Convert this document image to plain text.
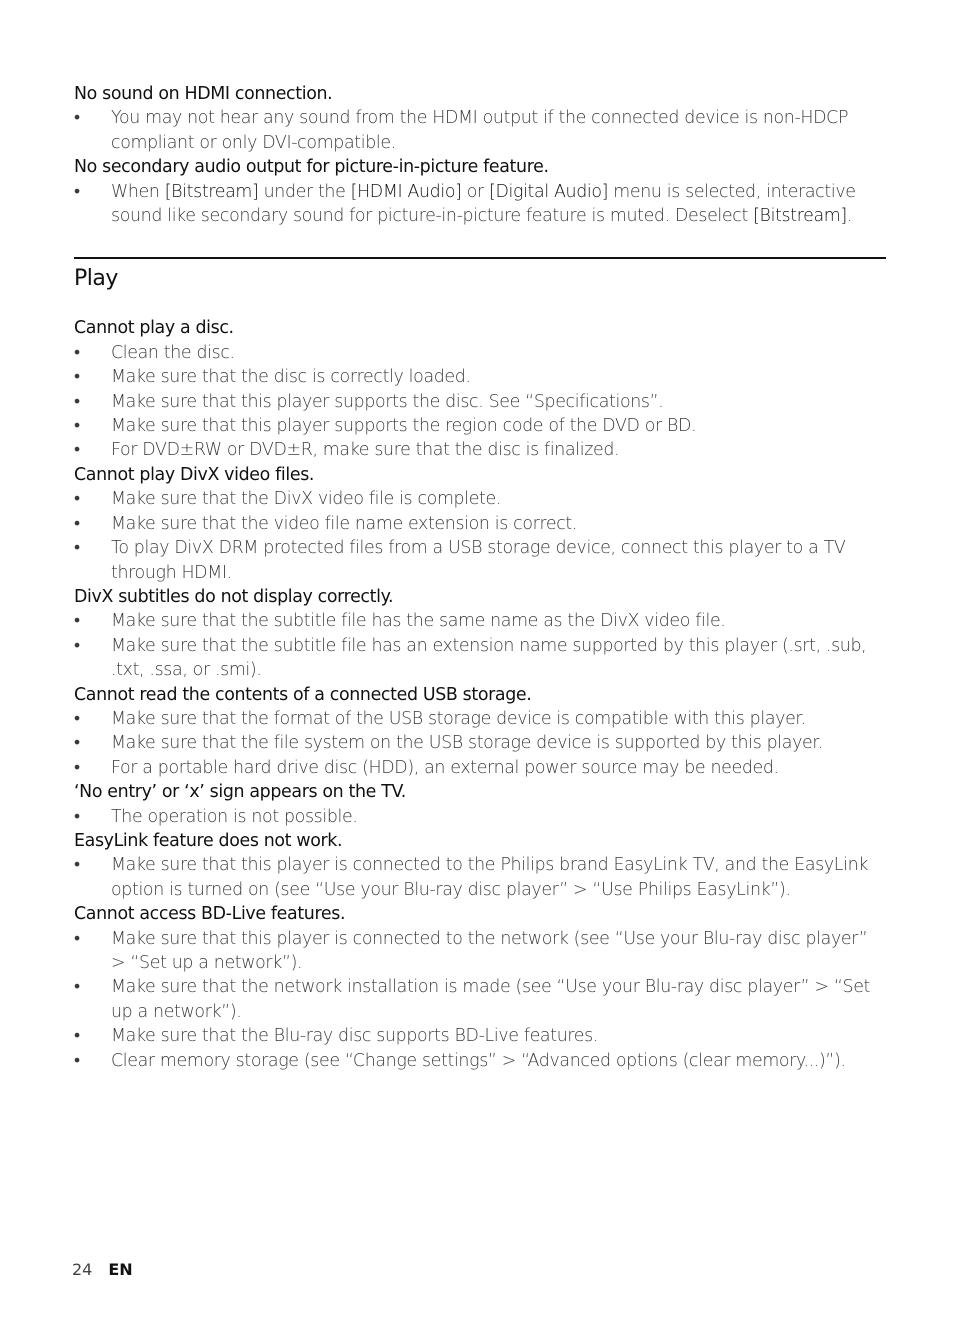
No sound on HDMI connection.

• You may not hear any sound from the HDMI output if the connected device is non-HDCP compliant or only DVI-compatible.

No secondary audio output for picture-in-picture feature.

• When [Bitstream] under the [HDMI Audio] or [Digital Audio] menu is selected, interactive sound like secondary sound for picture-in-picture feature is muted. Deselect [Bitstream].

Play

Cannot play a disc.

• Clean the disc.

• Make sure that the disc is correctly loaded.

• Make sure that this player supports the disc. See “Specifications”.

• Make sure that this player supports the region code of the DVD or BD.

• For DVD±RW or DVD±R, make sure that the disc is finalized.

Cannot play DivX video files.

• Make sure that the DivX video file is complete.

• Make sure that the video file name extension is correct.

• To play DivX DRM protected files from a USB storage device, connect this player to a TV through HDMI.

DivX subtitles do not display correctly.

• Make sure that the subtitle file has the same name as the DivX video file.

• Make sure that the subtitle file has an extension name supported by this player (.srt, .sub, .txt, .ssa, or .smi).

Cannot read the contents of a connected USB storage.

• Make sure that the format of the USB storage device is compatible with this player.

• Make sure that the file system on the USB storage device is supported by this player.

• For a portable hard drive disc (HDD), an external power source may be needed.

‘No entry’ or ‘x’ sign appears on the TV.

• The operation is not possible.

EasyLink feature does not work.

• Make sure that this player is connected to the Philips brand EasyLink TV, and the EasyLink option is turned on (see “Use your Blu-ray disc player” > “Use Philips EasyLink”).

Cannot access BD-Live features.

• Make sure that this player is connected to the network (see “Use your Blu-ray disc player” > “Set up a network”).

• Make sure that the network installation is made (see “Use your Blu-ray disc player” > “Set up a network”).

• Make sure that the Blu-ray disc supports BD-Live features.

• Clear memory storage (see “Change settings” > “Advanced options (clear memory...)”).

24 EN
